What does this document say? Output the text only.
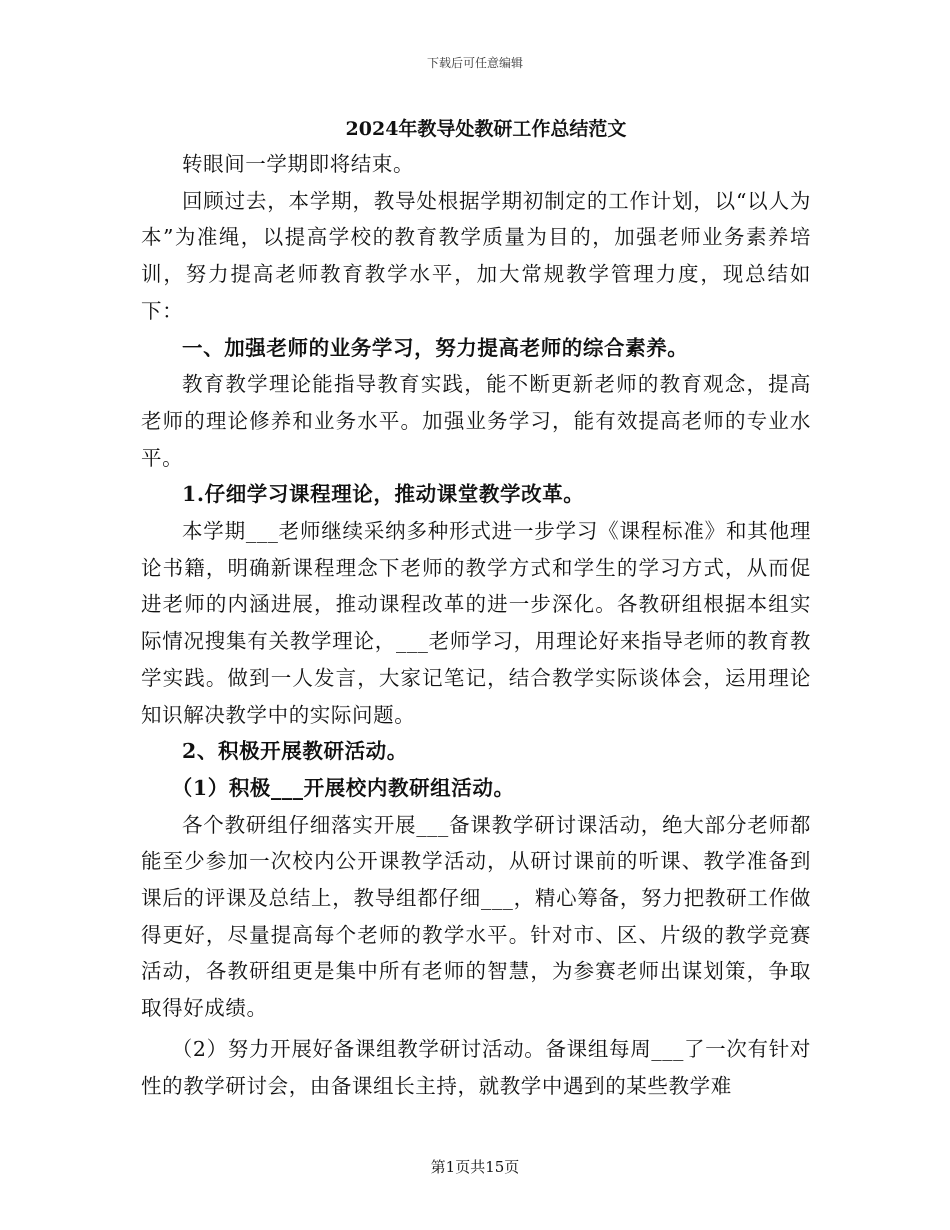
下载后可任意编辑

2024年教导处教研工作总结范文

转眼间一学期即将结束。

回顾过去，本学期，教导处根据学期初制定的工作计划，以“以人为本”为准绳，以提高学校的教育教学质量为目的，加强老师业务素养培训，努力提高老师教育教学水平，加大常规教学管理力度，现总结如下：

一、加强老师的业务学习，努力提高老师的综合素养。

教育教学理论能指导教育实践，能不断更新老师的教育观念，提高老师的理论修养和业务水平。加强业务学习，能有效提高老师的专业水平。

1.仔细学习课程理论，推动课堂教学改革。

本学期___老师继续采纳多种形式进一步学习《课程标准》和其他理论书籍，明确新课程理念下老师的教学方式和学生的学习方式，从而促进老师的内涵进展，推动课程改革的进一步深化。各教研组根据本组实际情况搜集有关教学理论，___老师学习，用理论好来指导老师的教育教学实践。做到一人发言，大家记笔记，结合教学实际谈体会，运用理论知识解决教学中的实际问题。

2、积极开展教研活动。

（1）积极___开展校内教研组活动。

各个教研组仔细落实开展___备课教学研讨课活动，绝大部分老师都能至少参加一次校内公开课教学活动，从研讨课前的听课、教学准备到课后的评课及总结上，教导组都仔细___，精心筹备，努力把教研工作做得更好，尽量提高每个老师的教学水平。针对市、区、片级的教学竞赛活动，各教研组更是集中所有老师的智慧，为参赛老师出谋划策，争取取得好成绩。

（2）努力开展好备课组教学研讨活动。备课组每周___了一次有针对性的教学研讨会，由备课组长主持，就教学中遇到的某些教学难

第1页共15页
